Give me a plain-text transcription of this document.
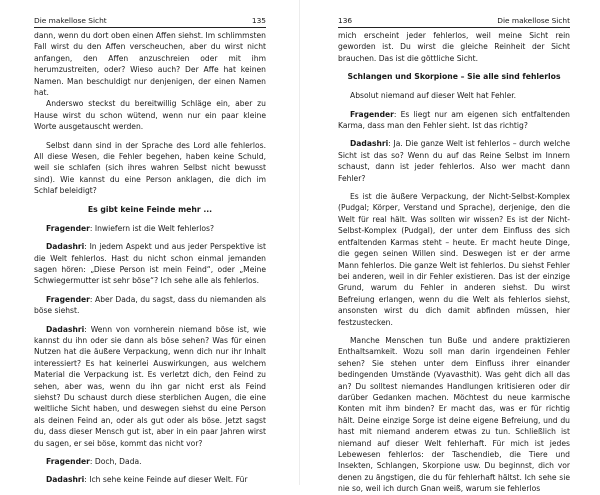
Die makellose Sicht	135

dann, wenn du dort oben einen Affen siehst. Im schlimmsten Fall wirst du den Affen verscheuchen, aber du wirst nicht anfangen, den Affen anzuschreien oder mit ihm herumzustreiten, oder? Wieso auch? Der Affe hat keinen Namen. Man beschuldigt nur denjenigen, der einen Namen hat.

Anderswo steckst du bereitwillig Schläge ein, aber zu Hause wirst du schon wütend, wenn nur ein paar kleine Worte ausgetauscht werden.

Selbst dann sind in der Sprache des Lord alle fehlerlos. All diese Wesen, die Fehler begehen, haben keine Schuld, weil sie schlafen (sich ihres wahren Selbst nicht bewusst sind). Wie kannst du eine Person anklagen, die dich im Schlaf beleidigt?

Es gibt keine Feinde mehr ...

Fragender: Inwiefern ist die Welt fehlerlos?

Dadashri: In jedem Aspekt und aus jeder Perspektive ist die Welt fehlerlos. Hast du nicht schon einmal jemanden sagen hören: „Diese Person ist mein Feind“, oder „Meine Schwiegermutter ist sehr böse“? Ich sehe alle als fehlerlos.

Fragender: Aber Dada, du sagst, dass du niemanden als böse siehst.

Dadashri: Wenn von vornherein niemand böse ist, wie kannst du ihn oder sie dann als böse sehen? Was für einen Nutzen hat die äußere Verpackung, wenn dich nur ihr Inhalt interessiert? Es hat keinerlei Auswirkungen, aus welchem Material die Verpackung ist. Es verletzt dich, den Feind zu sehen, aber was, wenn du ihn gar nicht erst als Feind siehst? Du schaust durch diese sterblichen Augen, die eine weltliche Sicht haben, und deswegen siehst du eine Person als deinen Feind an, oder als gut oder als böse. Jetzt sagst du, dass dieser Mensch gut ist, aber in ein paar Jahren wirst du sagen, er sei böse, kommt das nicht vor?

Fragender: Doch, Dada.

Dadashri: Ich sehe keine Feinde auf dieser Welt. Für

136	Die makellose Sicht

mich erscheint jeder fehlerlos, weil meine Sicht rein geworden ist. Du wirst die gleiche Reinheit der Sicht brauchen. Das ist die göttliche Sicht.

Schlangen und Skorpione – Sie alle sind fehlerlos

Absolut niemand auf dieser Welt hat Fehler.

Fragender: Es liegt nur am eigenen sich entfaltenden Karma, dass man den Fehler sieht. Ist das richtig?

Dadashri: Ja. Die ganze Welt ist fehlerlos – durch welche Sicht ist das so? Wenn du auf das Reine Selbst im Innern schaust, dann ist jeder fehlerlos. Also wer macht dann Fehler?

Es ist die äußere Verpackung, der Nicht-Selbst-Komplex (Pudgal; Körper, Verstand und Sprache), derjenige, den die Welt für real hält. Was sollten wir wissen? Es ist der Nicht-Selbst-Komplex (Pudgal), der unter dem Einfluss des sich entfaltenden Karmas steht – heute. Er macht heute Dinge, die gegen seinen Willen sind. Deswegen ist er der arme Mann fehlerlos. Die ganze Welt ist fehlerlos. Du siehst Fehler bei anderen, weil in dir Fehler existieren. Das ist der einzige Grund, warum du Fehler in anderen siehst. Du wirst Befreiung erlangen, wenn du die Welt als fehlerlos siehst, ansonsten wirst du dich damit abfinden müssen, hier festzustecken.

Manche Menschen tun Buße und andere praktizieren Enthaltsamkeit. Wozu soll man darin irgendeinen Fehler sehen? Sie stehen unter dem Einfluss ihrer einander bedingenden Umstände (Vyavasthit). Was geht dich all das an? Du solltest niemandes Handlungen kritisieren oder dir darüber Gedanken machen. Möchtest du neue karmische Konten mit ihm binden? Er macht das, was er für richtig hält. Deine einzige Sorge ist deine eigene Befreiung, und du hast mit niemand anderem etwas zu tun. Schließlich ist niemand auf dieser Welt fehlerhaft. Für mich ist jedes Lebewesen fehlerlos: der Taschendieb, die Tiere und Insekten, Schlangen, Skorpione usw. Du beginnst, dich vor denen zu ängstigen, die du für fehlerhaft hältst. Ich sehe sie nie so, weil ich durch Gnan weiß, warum sie fehlerlos
